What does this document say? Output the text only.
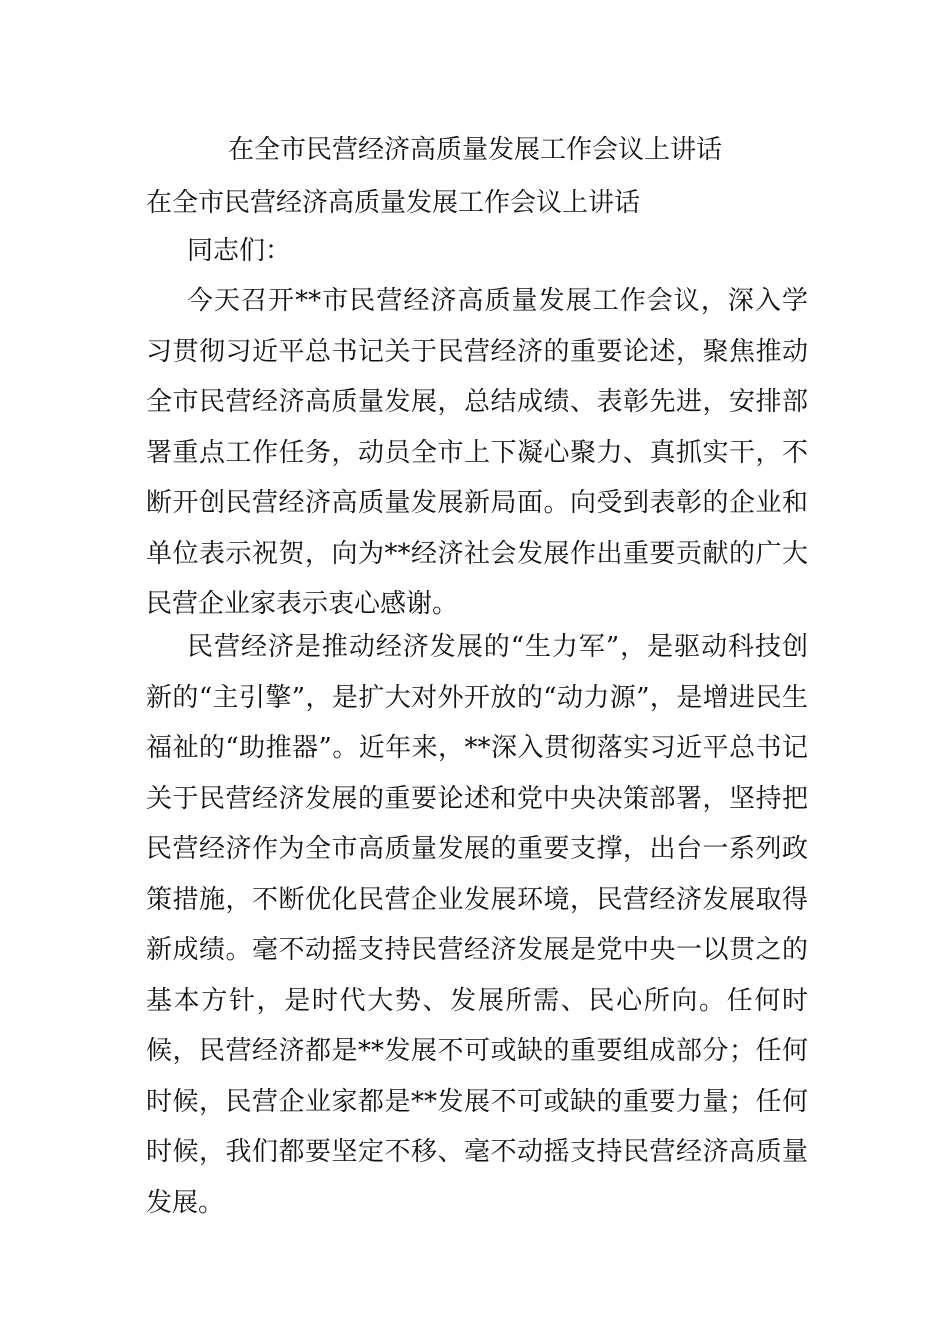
在全市民营经济高质量发展工作会议上讲话
在全市民营经济高质量发展工作会议上讲话
同志们：

今天召开**市民营经济高质量发展工作会议，深入学习贯彻习近平总书记关于民营经济的重要论述，聚焦推动全市民营经济高质量发展，总结成绩、表彰先进，安排部署重点工作任务，动员全市上下凝心聚力、真抓实干，不断开创民营经济高质量发展新局面。向受到表彰的企业和单位表示祝贺，向为**经济社会发展作出重要贡献的广大民营企业家表示衷心感谢。

民营经济是推动经济发展的“生力军”，是驱动科技创新的“主引擎”，是扩大对外开放的“动力源”，是增进民生福祉的“助推器”。近年来，**深入贯彻落实习近平总书记关于民营经济发展的重要论述和党中央决策部署，坚持把民营经济作为全市高质量发展的重要支撑，出台一系列政策措施，不断优化民营企业发展环境，民营经济发展取得新成绩。毫不动摇支持民营经济发展是党中央一以贯之的基本方针，是时代大势、发展所需、民心所向。任何时候，民营经济都是**发展不可或缺的重要组成部分；任何时候，民营企业家都是**发展不可或缺的重要力量；任何时候，我们都要坚定不移、毫不动摇支持民营经济高质量发展。
